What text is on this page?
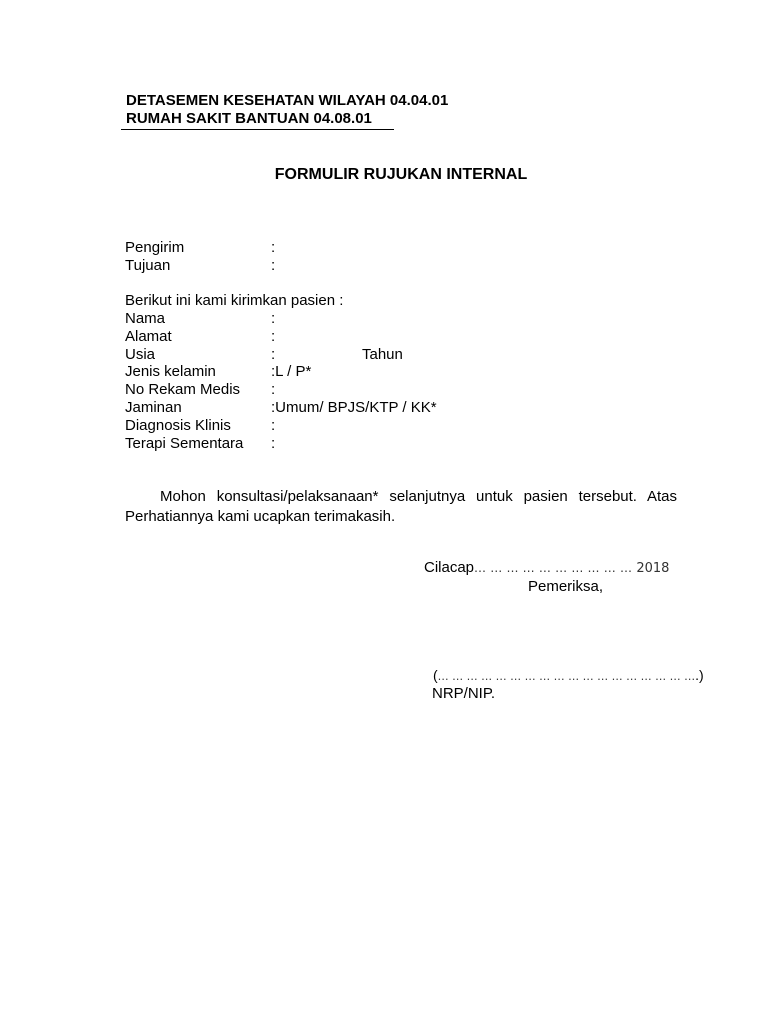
DETASEMEN KESEHATAN WILAYAH 04.04.01
RUMAH SAKIT BANTUAN 04.08.01
FORMULIR RUJUKAN INTERNAL
Pengirim	:
Tujuan	:
Berikut ini kami kirimkan pasien :
Nama	:
Alamat	:
Usia	:	Tahun
Jenis kelamin	:L / P*
No Rekam Medis :
Jaminan	:Umum/ BPJS/KTP / KK*
Diagnosis Klinis	:
Terapi Sementara :
Mohon konsultasi/pelaksanaan* selanjutnya untuk pasien tersebut. Atas Perhatiannya kami ucapkan terimakasih.
Cilacap… … … … … … … … … … 2018
Pemeriksa,
(… … … … … … … … … … … … … … … … … ….)
NRP/NIP.
